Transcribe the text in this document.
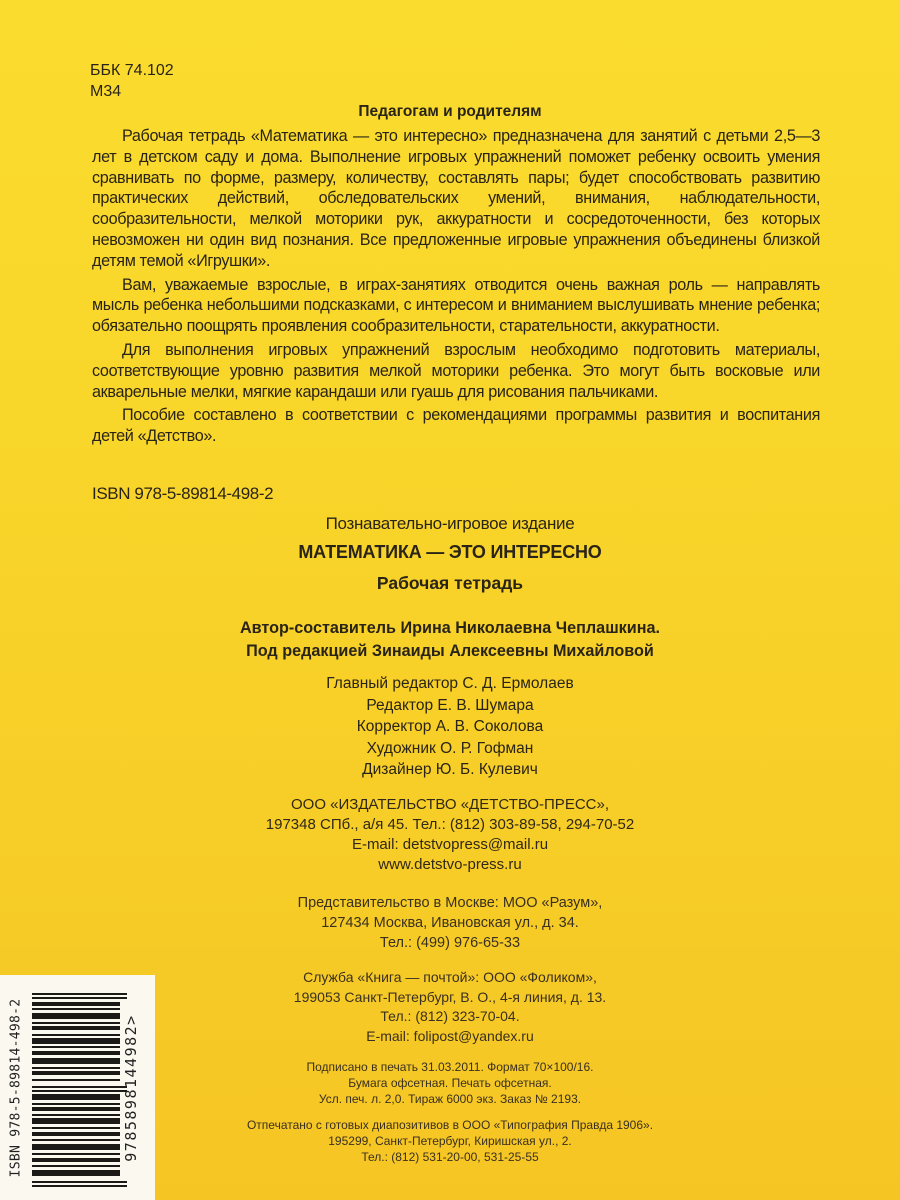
ББК 74.102
М34
Педагогам и родителям

Рабочая тетрадь «Математика — это интересно» предназначена для занятий с детьми 2,5—3 лет в детском саду и дома. Выполнение игровых упражнений поможет ребенку освоить умения сравнивать по форме, размеру, количеству, составлять пары; будет способствовать развитию практических действий, обследовательских умений, внимания, наблюдательности, сообразительности, мелкой моторики рук, аккуратности и сосредоточенности, без которых невозможен ни один вид познания. Все предложенные игровые упражнения объединены близкой детям темой «Игрушки».

Вам, уважаемые взрослые, в играх-занятиях отводится очень важная роль — направлять мысль ребенка небольшими подсказками, с интересом и вниманием выслушивать мнение ребенка; обязательно поощрять проявления сообразительности, старательности, аккуратности.

Для выполнения игровых упражнений взрослым необходимо подготовить материалы, соответствующие уровню развития мелкой моторики ребенка. Это могут быть восковые или акварельные мелки, мягкие карандаши или гуашь для рисования пальчиками.

Пособие составлено в соответствии с рекомендациями программы развития и воспитания детей «Детство».

ISBN 978-5-89814-498-2
Познавательно-игровое издание
МАТЕМАТИКА — ЭТО ИНТЕРЕСНО
Рабочая тетрадь
Автор-составитель Ирина Николаевна Чеплашкина.
Под редакцией Зинаиды Алексеевны Михайловой
Главный редактор С. Д. Ермолаев
Редактор Е. В. Шумара
Корректор А. В. Соколова
Художник О. Р. Гофман
Дизайнер Ю. Б. Кулевич
ООО «ИЗДАТЕЛЬСТВО «ДЕТСТВО-ПРЕСС»,
197348 СПб., а/я 45. Тел.: (812) 303-89-58, 294-70-52
E-mail: detstvopress@mail.ru
www.detstvo-press.ru
Представительство в Москве: МОО «Разум»,
127434 Москва, Ивановская ул., д. 34.
Тел.: (499) 976-65-33
Служба «Книга — почтой»: ООО «Фоликом»,
199053 Санкт-Петербург, В. О., 4-я линия, д. 13.
Тел.: (812) 323-70-04.
E-mail: folipost@yandex.ru
Подписано в печать 31.03.2011. Формат 70×100/16.
Бумага офсетная. Печать офсетная.
Усл. печ. л. 2,0. Тираж 6000 экз. Заказ № 2193.
Отпечатано с готовых диапозитивов в ООО «Типография Правда 1906».
195299, Санкт-Петербург, Киришская ул., 2.
Тел.: (812) 531-20-00, 531-25-55
ISBN 978-5-89814-498-2	9785898144982>
